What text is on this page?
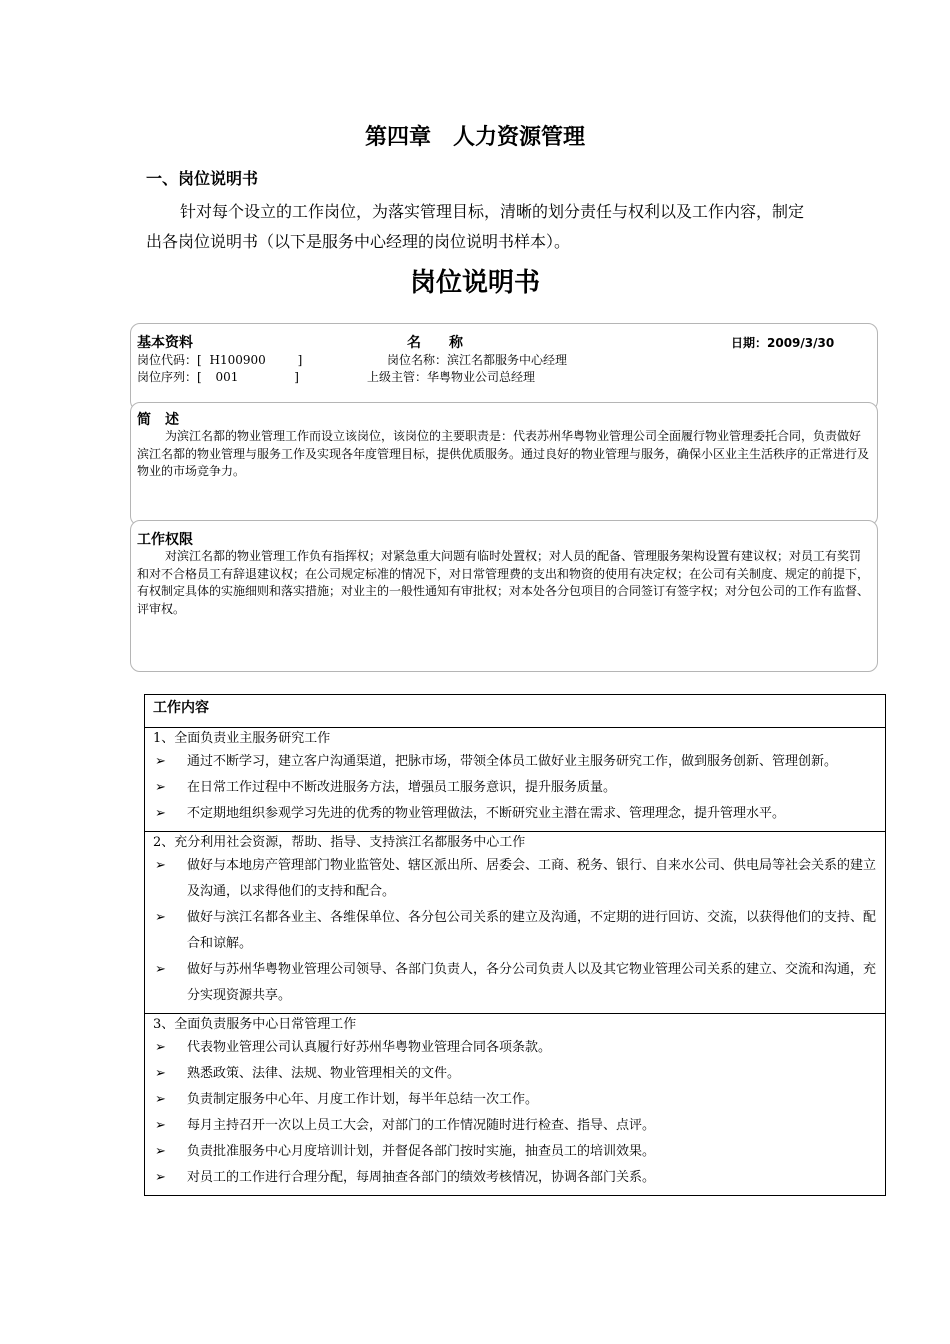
第四章　人力资源管理
一、岗位说明书
针对每个设立的工作岗位，为落实管理目标，清晰的划分责任与权利以及工作内容，制定出各岗位说明书（以下是服务中心经理的岗位说明书样本）。
岗位说明书
基本资料	名　　称	日期：2009/3/30
岗位代码：[ H100900	]	岗位名称：滨江名都服务中心经理
岗位序列：[ 001	]	上级主管：华粤物业公司总经理
简　述
为滨江名都的物业管理工作而设立该岗位，该岗位的主要职责是：代表苏州华粤物业管理公司全面履行物业管理委托合同，负责做好滨江名都的物业管理与服务工作及实现各年度管理目标，提供优质服务。通过良好的物业管理与服务，确保小区业主生活秩序的正常进行及物业的市场竞争力。
工作权限
对滨江名都的物业管理工作负有指挥权；对紧急重大问题有临时处置权；对人员的配备、管理服务架构设置有建议权；对员工有奖罚和对不合格员工有辞退建议权；在公司规定标准的情况下，对日常管理费的支出和物资的使用有决定权；在公司有关制度、规定的前提下，有权制定具体的实施细则和落实措施；对业主的一般性通知有审批权；对本处各分包项目的合同签订有签字权；对分包公司的工作有监督、评审权。
工作内容

1、全面负责业主服务研究工作
➢ 通过不断学习，建立客户沟通渠道，把脉市场，带领全体员工做好业主服务研究工作，做到服务创新、管理创新。
➢ 在日常工作过程中不断改进服务方法，增强员工服务意识，提升服务质量。
➢ 不定期地组织参观学习先进的优秀的物业管理做法，不断研究业主潜在需求、管理理念，提升管理水平。

2、充分利用社会资源，帮助、指导、支持滨江名都服务中心工作
➢ 做好与本地房产管理部门物业监管处、辖区派出所、居委会、工商、税务、银行、自来水公司、供电局等社会关系的建立及沟通，以求得他们的支持和配合。
➢ 做好与滨江名都各业主、各维保单位、各分包公司关系的建立及沟通，不定期的进行回访、交流，以获得他们的支持、配合和谅解。
➢ 做好与苏州华粤物业管理公司领导、各部门负责人，各分公司负责人以及其它物业管理公司关系的建立、交流和沟通，充分实现资源共享。

3、全面负责服务中心日常管理工作
➢ 代表物业管理公司认真履行好苏州华粤物业管理合同各项条款。
➢ 熟悉政策、法律、法规、物业管理相关的文件。
➢ 负责制定服务中心年、月度工作计划，每半年总结一次工作。
➢ 每月主持召开一次以上员工大会，对部门的工作情况随时进行检查、指导、点评。
➢ 负责批准服务中心月度培训计划，并督促各部门按时实施，抽查员工的培训效果。
➢ 对员工的工作进行合理分配，每周抽查各部门的绩效考核情况，协调各部门关系。
